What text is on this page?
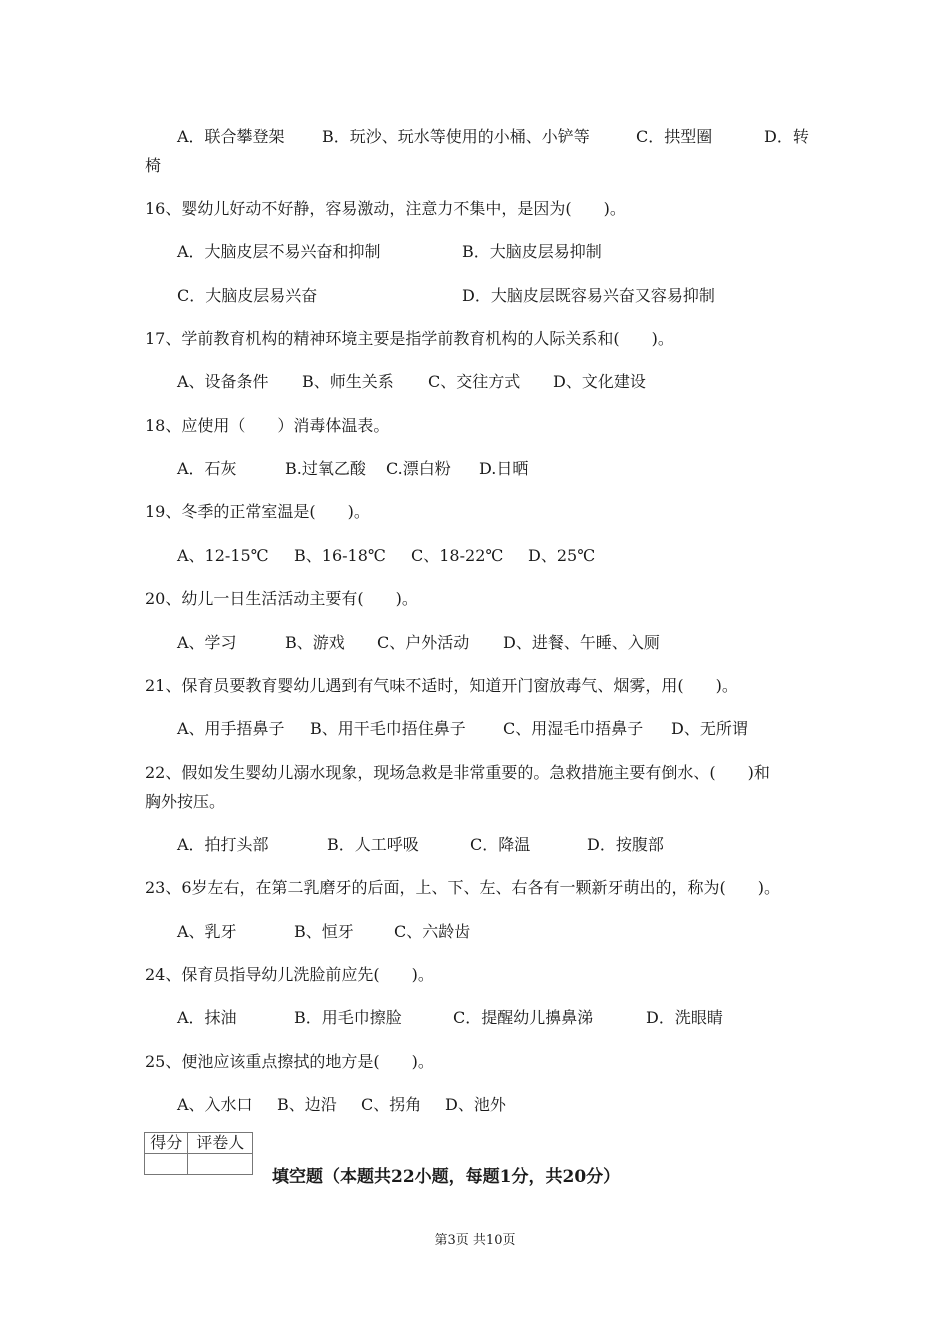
A．联合攀登架 B．玩沙、玩水等使用的小桶、小铲等	C．拱型圈	D．转
椅
16、婴幼儿好动不好静，容易激动，注意力不集中，是因为(　　)。
A．大脑皮层不易兴奋和抑制	B．大脑皮层易抑制
C．大脑皮层易兴奋	D．大脑皮层既容易兴奋又容易抑制
17、学前教育机构的精神环境主要是指学前教育机构的人际关系和(　　)。
A、设备条件 B、师生关系 C、交往方式 D、文化建设
18、应使用（　　）消毒体温表。
A．石灰	B.过氧乙酸 C.漂白粉 D.日晒
19、冬季的正常室温是(　　)。
A、12-15℃ B、16-18℃ C、18-22℃ D、25℃
20、幼儿一日生活活动主要有(　　)。
A、学习	B、游戏 C、户外活动 D、进餐、午睡、入厕
21、保育员要教育婴幼儿遇到有气味不适时，知道开门窗放毒气、烟雾，用(　　)。
A、用手捂鼻子 B、用干毛巾捂住鼻子 C、用湿毛巾捂鼻子 D、无所谓
22、假如发生婴幼儿溺水现象，现场急救是非常重要的。急救措施主要有倒水、(　　)和
胸外按压。
A．拍打头部	B．人工呼吸	C．降温	D．按腹部
23、6岁左右，在第二乳磨牙的后面，上、下、左、右各有一颗新牙萌出的，称为(　　)。
A、乳牙	B、恒牙	C、六龄齿
24、保育员指导幼儿洗脸前应先(　　)。
A．抹油	B．用毛巾擦脸	C．提醒幼儿擤鼻涕	D．洗眼睛
25、便池应该重点擦拭的地方是(　　)。
A、入水口 B、边沿 C、拐角 D、池外
得分	评卷人

填空题（本题共22小题，每题1分，共20分）
第3页 共10页
